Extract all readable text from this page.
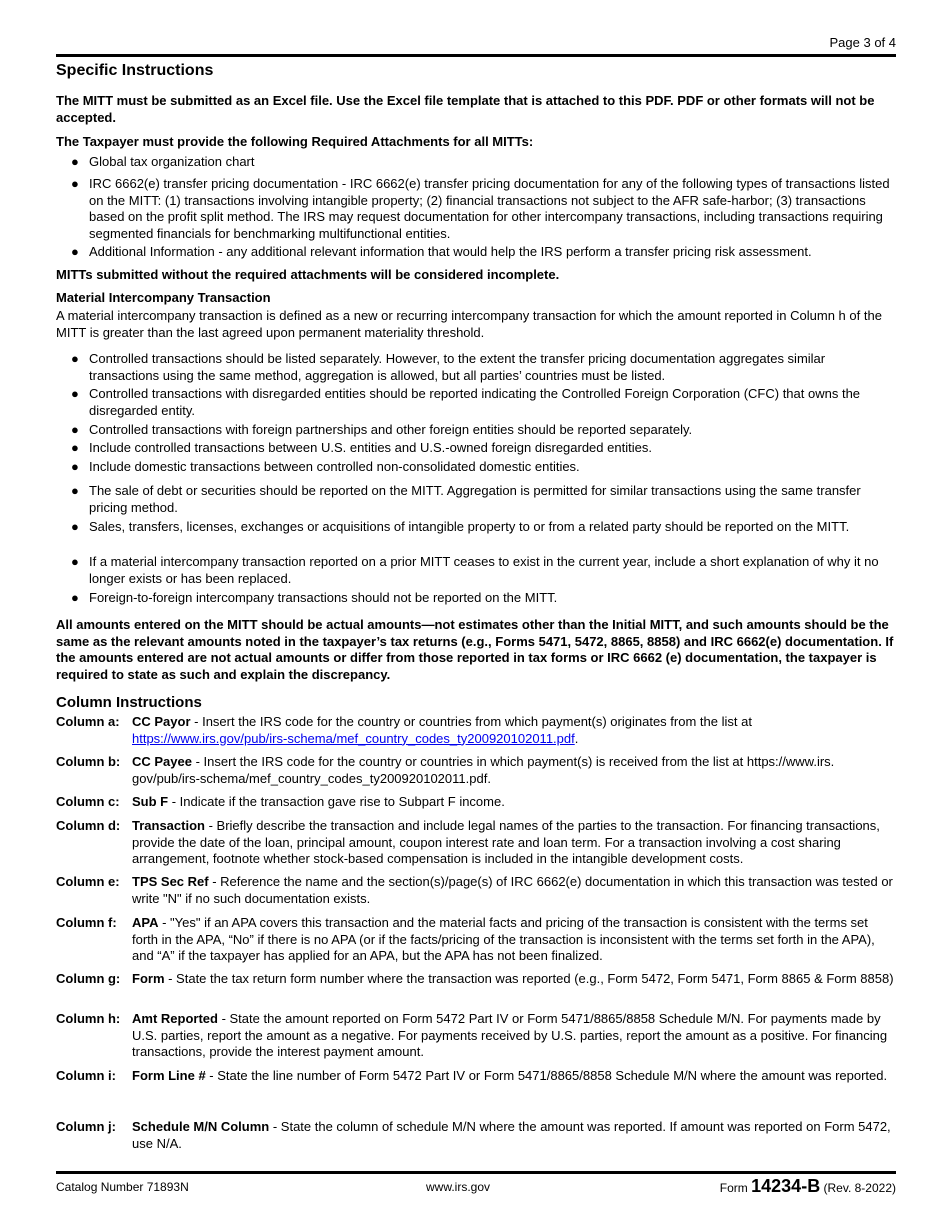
Page 3 of 4
Specific Instructions

The MITT must be submitted as an Excel file. Use the Excel file template that is attached to this PDF. PDF or other formats will not be accepted.

The Taxpayer must provide the following Required Attachments for all MITTs:

● Global tax organization chart
● IRC 6662(e) transfer pricing documentation - IRC 6662(e) transfer pricing documentation for any of the following types of transactions listed on the MITT: (1) transactions involving intangible property; (2) financial transactions not subject to the AFR safe-harbor; (3) transactions based on the profit split method. The IRS may request documentation for other intercompany transactions, including transactions requiring segmented financials for benchmarking multifunctional entities.
● Additional Information - any additional relevant information that would help the IRS perform a transfer pricing risk assessment.

MITTs submitted without the required attachments will be considered incomplete.

Material Intercompany Transaction

A material intercompany transaction is defined as a new or recurring intercompany transaction for which the amount reported in Column h of the MITT is greater than the last agreed upon permanent materiality threshold.

● Controlled transactions should be listed separately. However, to the extent the transfer pricing documentation aggregates similar transactions using the same method, aggregation is allowed, but all parties’ countries must be listed.
● Controlled transactions with disregarded entities should be reported indicating the Controlled Foreign Corporation (CFC) that owns the disregarded entity.
● Controlled transactions with foreign partnerships and other foreign entities should be reported separately.
● Include controlled transactions between U.S. entities and U.S.-owned foreign disregarded entities.
● Include domestic transactions between controlled non-consolidated domestic entities.
● The sale of debt or securities should be reported on the MITT. Aggregation is permitted for similar transactions using the same transfer pricing method.
● Sales, transfers, licenses, exchanges or acquisitions of intangible property to or from a related party should be reported on the MITT.
● If a material intercompany transaction reported on a prior MITT ceases to exist in the current year, include a short explanation of why it no longer exists or has been replaced.
● Foreign-to-foreign intercompany transactions should not be reported on the MITT.

All amounts entered on the MITT should be actual amounts—not estimates other than the Initial MITT, and such amounts should be the same as the relevant amounts noted in the taxpayer’s tax returns (e.g., Forms 5471, 5472, 8865, 8858) and IRC 6662(e) documentation. If the amounts entered are not actual amounts or differ from those reported in tax forms or IRC 6662 (e) documentation, the taxpayer is required to state as such and explain the discrepancy.

Column Instructions
Column a: CC Payor - Insert the IRS code for the country or countries from which payment(s) originates from the list at https://www.irs.gov/pub/irs-schema/mef_country_codes_ty200920102011.pdf.
Column b: CC Payee - Insert the IRS code for the country or countries in which payment(s) is received from the list at https://www.irs. gov/pub/irs-schema/mef_country_codes_ty200920102011.pdf.
Column c: Sub F - Indicate if the transaction gave rise to Subpart F income.
Column d: Transaction - Briefly describe the transaction and include legal names of the parties to the transaction. For financing transactions, provide the date of the loan, principal amount, coupon interest rate and loan term. For a transaction involving a cost sharing arrangement, footnote whether stock-based compensation is included in the intangible development costs.
Column e: TPS Sec Ref - Reference the name and the section(s)/page(s) of IRC 6662(e) documentation in which this transaction was tested or write "N" if no such documentation exists.
Column f: APA - "Yes" if an APA covers this transaction and the material facts and pricing of the transaction is consistent with the terms set forth in the APA, “No” if there is no APA (or if the facts/pricing of the transaction is inconsistent with the terms set forth in the APA), and “A” if the taxpayer has applied for an APA, but the APA has not been finalized.
Column g: Form - State the tax return form number where the transaction was reported (e.g., Form 5472, Form 5471, Form 8865 & Form 8858)
Column h: Amt Reported - State the amount reported on Form 5472 Part IV or Form 5471/8865/8858 Schedule M/N. For payments made by U.S. parties, report the amount as a negative. For payments received by U.S. parties, report the amount as a positive. For financing transactions, provide the interest payment amount.
Column i: Form Line # - State the line number of Form 5472 Part IV or Form 5471/8865/8858 Schedule M/N where the amount was reported.
Column j: Schedule M/N Column - State the column of schedule M/N where the amount was reported. If amount was reported on Form 5472, use N/A.
Catalog Number 71893N	www.irs.gov	Form 14234-B (Rev. 8-2022)
